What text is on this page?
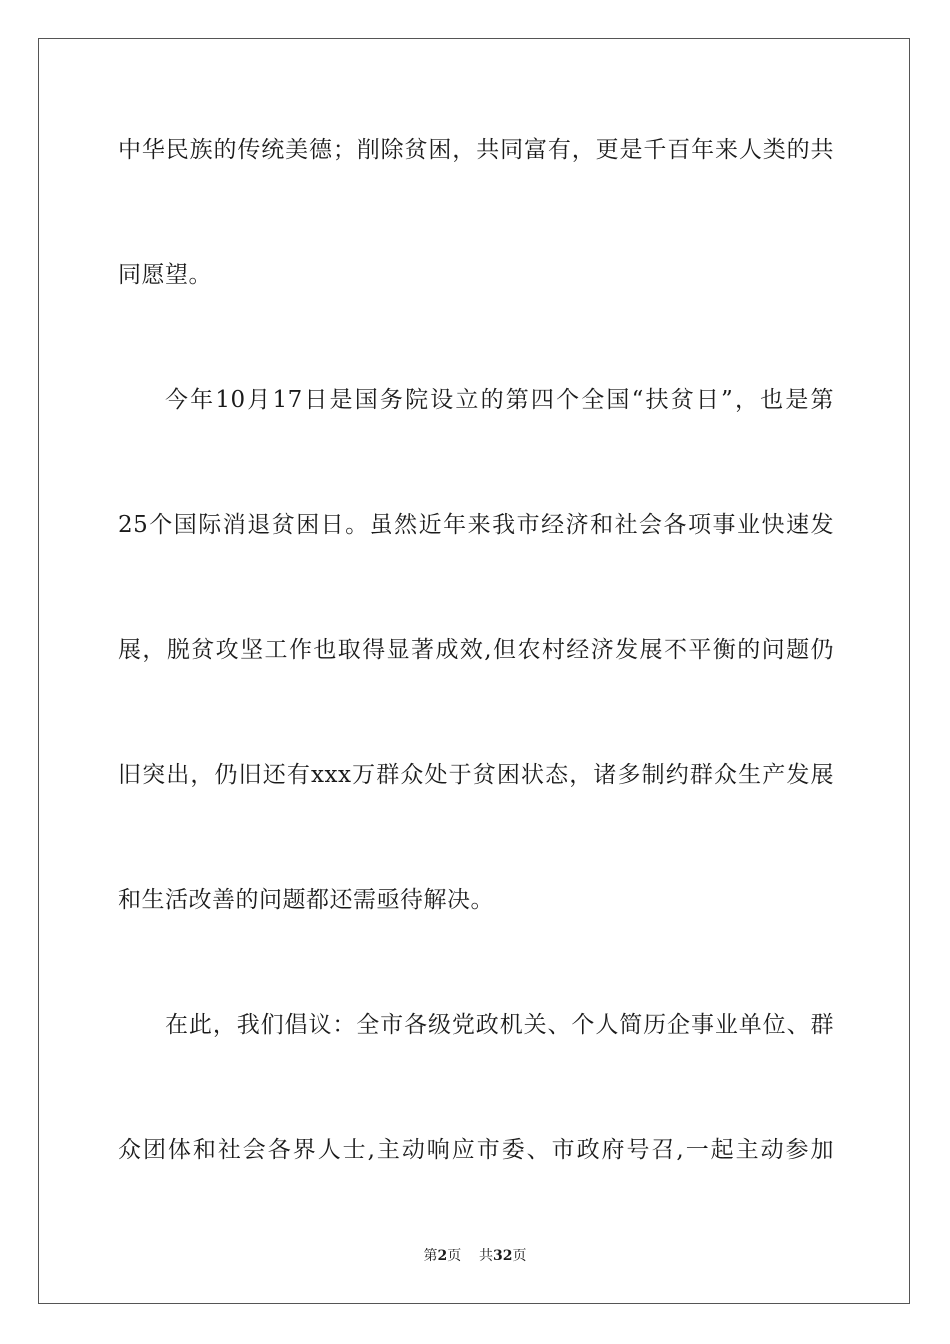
中华民族的传统美德；削除贫困，共同富有，更是千百年来人类的共
同愿望。
今年10月17日是国务院设立的第四个全国“扶贫日”，也是第
25个国际消退贫困日。虽然近年来我市经济和社会各项事业快速发
展，脱贫攻坚工作也取得显著成效,但农村经济发展不平衡的问题仍
旧突出，仍旧还有xxx万群众处于贫困状态，诸多制约群众生产发展
和生活改善的问题都还需亟待解决。
在此，我们倡议：全市各级党政机关、个人简历企事业单位、群
众团体和社会各界人士,主动响应市委、市政府号召,一起主动参加
第2页 共32页
